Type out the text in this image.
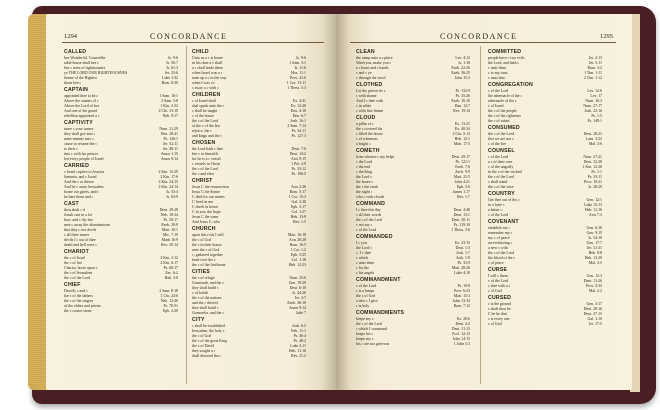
1294	CONCORDANCE
CALLED
hee Wonderful, Counseller	Is. 9:6
table house shall bee c	Is. 56:7
bee c trees of righteousnes	Is. 61:3
ye THE LORD OUR RIGHTEOUSNES	Jer. 23:6
Sonne of the Highest	Luke 1:32
those hee c	Rom. 8:30
CAPTAIN
appointed thee to be c	1 Sam. 10:1
Above the sonnes of c	2 Sam. 5:8
Above the Lord of hoe	1 Kin. 2:32
And one of the guard	2 Chr. 33:10
rebellion appointed a c	Neh. 9:17
CAPTIVITY
turne c your turnes	Num. 21:29
they shall goe into c	Deu. 28:41
mine enemie into c	Ps. 126:1
cause to returne the c	Jer. 32:11
to their c	Jer. 48:11
into c with his princes	Amos 1:15
led every people of Israel	Amos 9:14
CARRIED
c Israel captive to Assyria	2 Kin. 15:29
Samaria, and c Israel	2 Kin. 17:6
And the c at thence	2 Kin. 24:15
And he c away Ierusalem	2 Kin. 24:14
borne our griefs, and c	Is. 53:4
he bare them and c	Is. 63:9
CAST
thou shalt c it	Deut. 29:28
Jonah cast in a lot	Neh. 10:34
bow, and c thy law	Ps. 50:17
mee c away the abominations	Ezek. 20:8
that they c not devils	Matt. 10:1
c all their sinnes	Mic. 7:19
devils I c out of thee	Mark 16:9
death and hell were c	Rev. 20:14
CHARIOT
the c of Israel	2 Kin. 2:12
the c of fire	2 Kin. 6:17
Chariot, horse upon c	Ps. 68:17
the c of Ierusalem	Zec. 6:2
the c of the Lord	Hab. 3:8
CHIEF
David's c and c	2 Sam. 8:18
the c of the fathers	1 Chr. 24:6
the c of the singers	Neh. 12:46
of the elders and priests	Ps. 78:51
the c corner stone	Eph. 2:20
CHILD
Unto us a c is borne	Is. 9:6
in his time a c shall	1 Sam. 3:1
a c shall leade them	Is. 11:6
when Israel was a c	Hos. 11:1
train up a c in the way	Prov. 22:6
when I was a c	1 Cor. 13:11
c away a c with c	1 Thess. 5:3
CHILDREN
c of Israel shall	Ex. 4:31
shal speak unto the c	Ex. 12:26
c shall be taught	Deu. 4:10
c of the house	Deu. 6:7
the c of the Lord	Josh. 16:1
of the c of the law	2 Sam. 7:14
rejoice, the c	Ps. 34:11
and kings and the c	Ps. 127:3
CHOSEN
the Lord hath c thee	Deut. 7:6
bee c to himselfe	Deut. 14:2
for he is a c vessel	Acts 9:15
c vessels in Christ	1 Pet. 2:9
the c of the Lord	Ps. 33:12
the c and elect	Ps. 106:5
CHRIST
Jesus C the resurrection	Acts 2:36
Iesus C the Sonne	Rom. 5:17
C died for our sinnes	1 Cor. 15:3
C lived in me	Gal. 2:20
C dwelt in hearts	Eph. 3:17
C in you, the hope	Col. 1:27
Jesus C the same	Heb. 13:8
And Jesus C, who	Rev. 1:5
CHURCH
upon this rock I will	Matt. 16:18
the c of God	Acts 20:28
the c in their house	Rom. 16:5
unto the c of God	1 Cor. 1:2
c, gathered together	Eph. 5:25
head over the c	Col. 1:18
the c of the firstborne	Heb. 12:23
CITIES
the c of refuge	Num. 35:6
Gomorrah, and the c	Gen. 19:29
they shall build c	Deut. 6:10
c of Judah	Is. 44:26
the c of the nations	Jer. 4:7
and the c thereof	Ezek. 36:10
they shall build c	Amos 9:14
Gomorrha, and the c	Jude 7
CITY
c shall be established	Josh. 6:5
Ierusalem, the holy c	Neh. 11:1
the c of God	Ps. 46:4
the c of the great King	Ps. 48:2
the c of David	Luke 2:11
they sought a c	Heb. 11:16
shall descend the c	Rev. 21:2
CONCORDANCE	1295
CLEAN
the camp unto a c place	Lev. 4:12
Wash you, make you c	Is. 1:16
a c heart and c hands	Ezek. 22:26
c and c ye	Ezek. 36:25
c through the word	John 15:3
CLOTHED
Let thy priests be c	Ps. 132:9
c with shame	Ps. 35:26
And I c thee with	Ezek. 16:10
c in white	Dan. 12:7
c with fine linnen	Rev. 19:14
CLOUD
a pillar of c	Ex. 13:21
the c covered the	Ex. 40:34
c filled the house	2 Chr. 5:13
c of witnesses	Heb. 12:1
a bright c	Matt. 17:5
COMETH
from whence c my helpe	Deut. 29:17
c the Lord	Ps. 121:1
c the end	Ezek. 7:6
c the King	Zech. 9:9
the Lord c	Matt. 21:5
the houre c	John 4:21
the c the earth	Eph. 5:6
the night c	James 1:17
who c with clouds	Rev. 1:7
COMMAND
I c thee this day	Deut. 4:40
c all their words	Deut. 13:1
the c of the Lord	Deut. 30:11
c not my c	Ps. 119:10
c of the Lord	1 Thess. 3:6
COMMANDED
I c you	Ex. 33:15
the Lord c	Deut. 1:3
c, I c thee	Josh. 1:7
c which	Josh. 1:9
c unto them	Ps. 33:9
c for the	Matt. 28:20
c his angels	Luke 4:10
COMMANDMENT
c of the Lord	Ps. 19:8
c is a lampe	Prov. 6:23
the c of God	Matt. 15:3
a new c I give	John 13:34
c is holy	Rom. 7:12
COMMANDMENTS
keepe my c	Ex. 20:6
the c of the Lord	Deut. 4:2
c which I command	Deut. 11:13
keepe his c	Eccl. 12:13
keepe my c	John 14:15
his c are not grievous	1 John 5:3
COMMITTED
people have c two evils	Jer. 2:13
the Lord, and hath c	Jer. 5:11
c unto them	Rom. 3:2
c to my trust	1 Tim. 1:11
c unto him	2 Tim. 1:12
CONGREGATION
c of the Lord	Lev. 12:6
the tabernacle of the c	Lev. 17
tabernacle of the c	Num. 16:3
c of Israel	Num. 27:17
the c of the people	Josh. 22:16
the c of the righteous	Ps. 1:5
the c of saints	Ps. 149:1
CONSUMED
the c of the Lord	Deut. 28:21
that we are not c	Lam. 3:22
c of the fire	Mal. 3:6
COUNSEL
c of the Lord	Num. 27:21
a c of their own	Deut. 32:28
c of the ungodly	1 Kin. 12:28
in the c of the wicked	Ps. 1:1
the c of the Lord	Ps. 33:11
c shall stand	Prov. 19:21
the c of the wise	Is. 28:29
COUNTRY
Get thee out of thy c	Gen. 12:1
in a farre c	Luke 15:13
a better c	Heb. 11:16
c of the Lord	Acts 7:3
COVENANT
establish my c	Gen. 6:18
remember my c	Gen. 9:15
my c of peace	Is. 54:10
an everlasting c	Gen. 17:7
a new c with	Jer. 31:31
the c of the Lord	Heb. 8:8
the blood of the c	Heb. 13:20
c of peace	Mal. 2:5
CURSE
I will c them	Gen. 12:3
c of the Lord	Deut. 11:26
c thee with a c	Prov. 3:33
c of God	Mal. 2:2
CURSED
c is the ground	Gen. 3:17
c shalt thou be	Deut. 28:16
C be he that	Deut. 27:15
c is every one	Gal. 3:10
c of God	Jer. 17:5
